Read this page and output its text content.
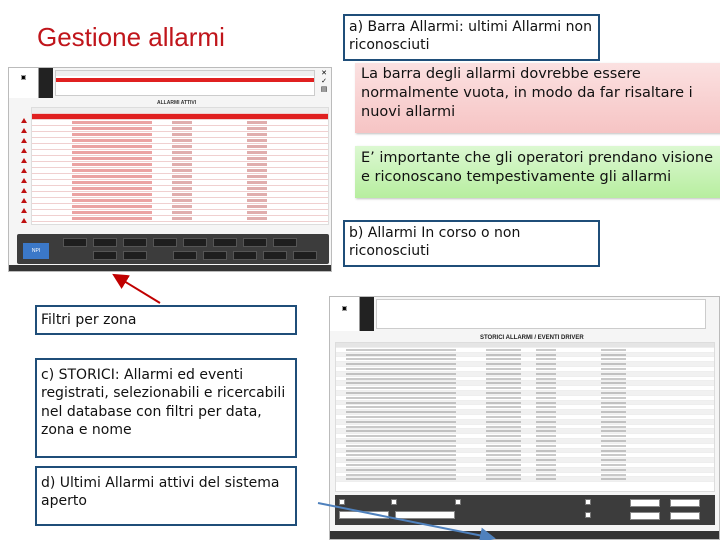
Gestione allarmi
▣
✕
✓
▤
ALLARMI ATTIVI
NPI
▣
STORICI ALLARMI / EVENTI DRIVER
a) Barra Allarmi: ultimi Allarmi non riconosciuti
La barra degli allarmi dovrebbe essere normalmente vuota, in modo da far risaltare i nuovi allarmi
E’ importante che gli operatori prendano visione e riconoscano tempestivamente gli allarmi
b) Allarmi In corso o non riconosciuti
Filtri per zona
c) STORICI: Allarmi ed eventi registrati, selezionabili e ricercabili nel database con filtri per data, zona e nome
d) Ultimi Allarmi attivi del sistema aperto
